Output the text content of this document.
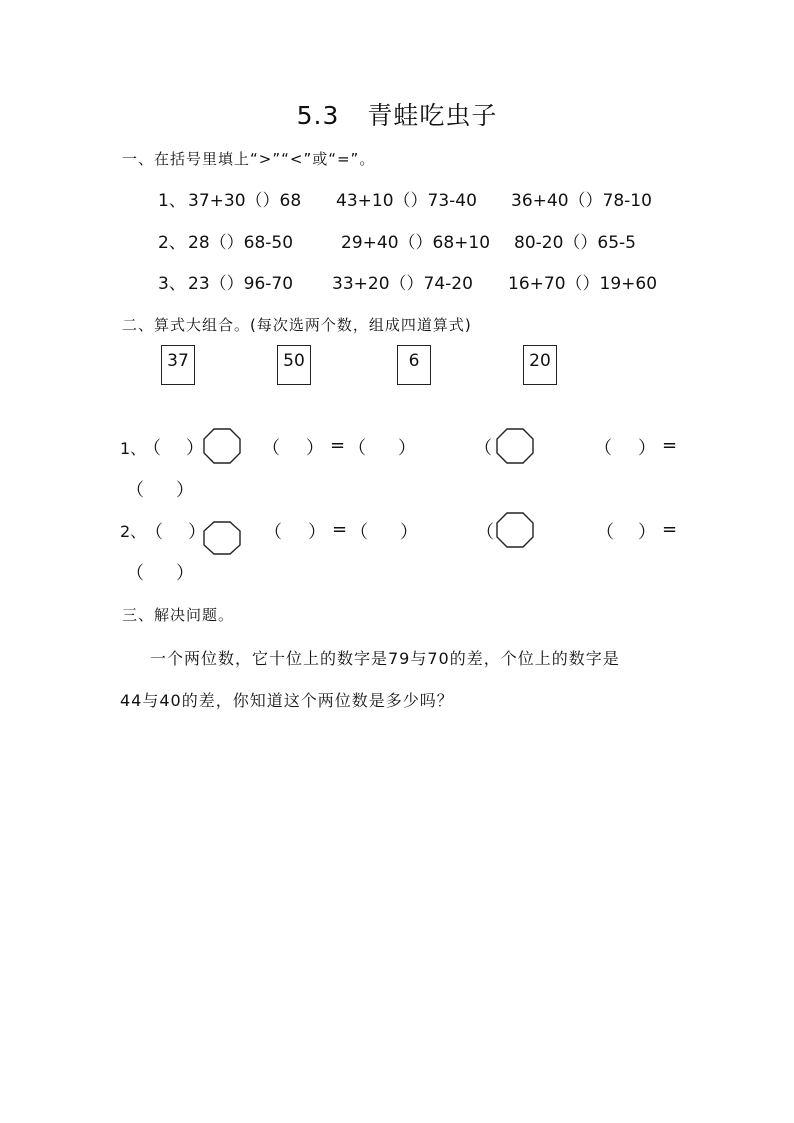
5.3 青蛙吃虫子
一、在括号里填上“>”“<”或“=”。
1、 37+30（）68 43+10（）73-40 36+40（）78-10
2、 28（）68-50	29+40（）68+10 80-20（）65-5
3、 23（）96-70 33+20（）74-20 16+70（）19+60
二、算式大组合。(每次选两个数，组成四道算式)
37	50	6	20
1、
（ ）	（ ） = （ ）	（	（ ） =
（ ）
2、
（ ）	（ ） = （ ）	（	（ ） =
（ ）
三、解决问题。
一个两位数，它十位上的数字是79与70的差，个位上的数字是
44与40的差，你知道这个两位数是多少吗？
